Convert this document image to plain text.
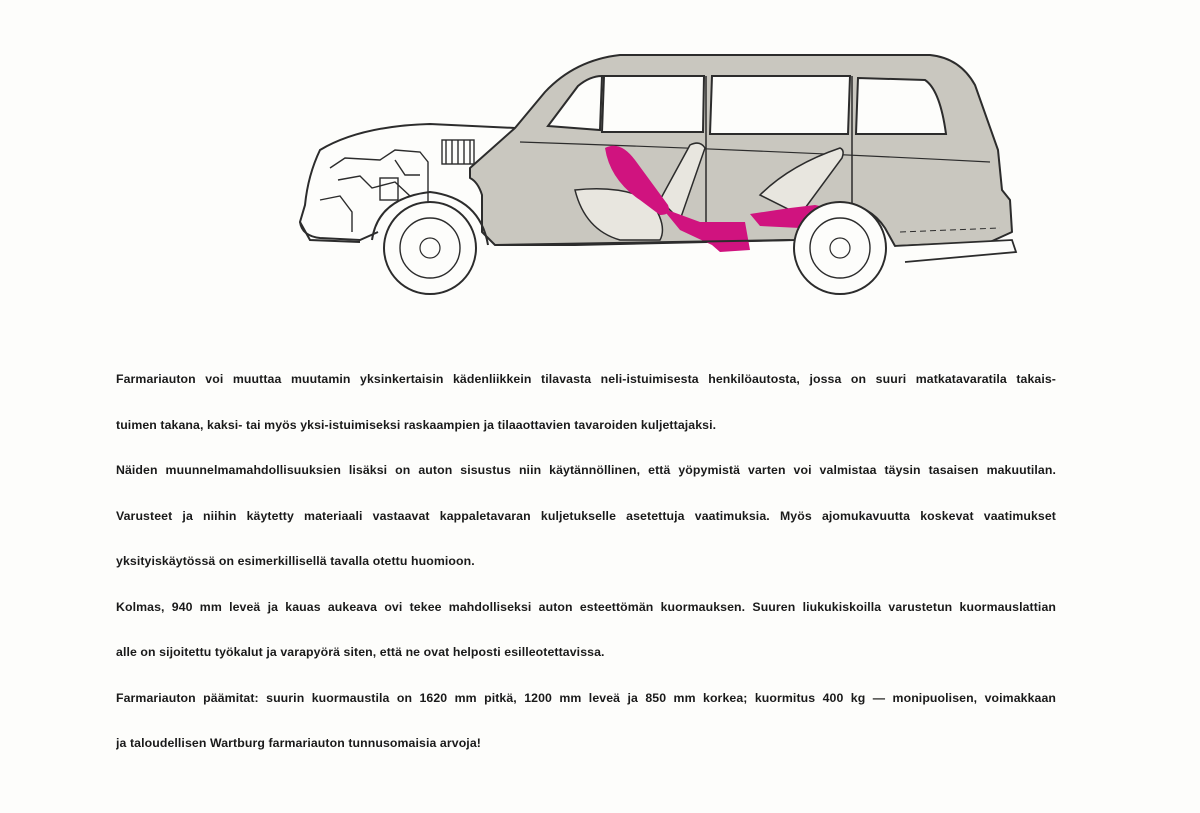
Farmariauton voi muuttaa muutamin yksinkertaisin kädenliikkein tilavasta neli-istuimisesta henkilöautosta, jossa on suuri matkatavaratila takais-
tuimen takana, kaksi- tai myös yksi-istuimiseksi raskaampien ja tilaaottavien tavaroiden kuljettajaksi.
Näiden muunnelmamahdollisuuksien lisäksi on auton sisustus niin käytännöllinen, että yöpymistä varten voi valmistaa täysin tasaisen makuutilan.
Varusteet ja niihin käytetty materiaali vastaavat kappaletavaran kuljetukselle asetettuja vaatimuksia. Myös ajomukavuutta koskevat vaatimukset
yksityiskäytössä on esimerkillisellä tavalla otettu huomioon.
Kolmas, 940 mm leveä ja kauas aukeava ovi tekee mahdolliseksi auton esteettömän kuormauksen. Suuren liukukiskoilla varustetun kuormauslattian
alle on sijoitettu työkalut ja varapyörä siten, että ne ovat helposti esilleotettavissa.
Farmariauton päämitat: suurin kuormaustila on 1620 mm pitkä, 1200 mm leveä ja 850 mm korkea; kuormitus 400 kg — monipuolisen, voimakkaan
ja taloudellisen Wartburg farmariauton tunnusomaisia arvoja!
